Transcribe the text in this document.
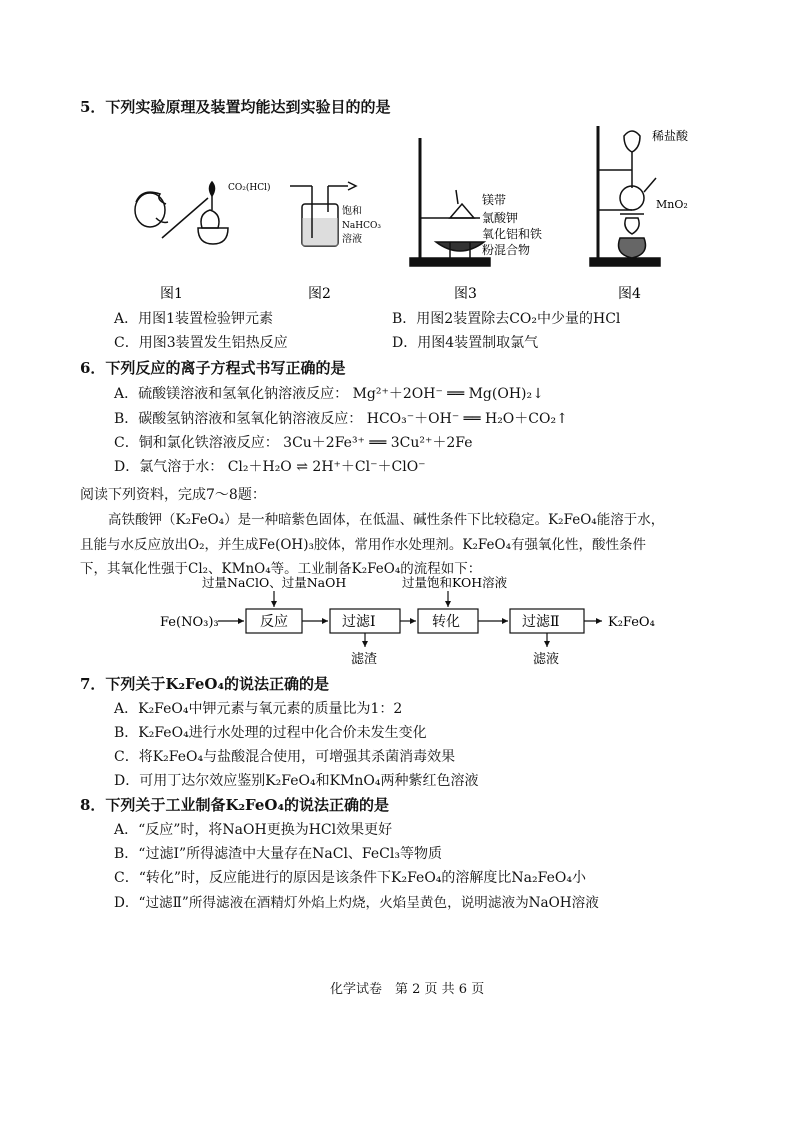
5．下列实验原理及装置均能达到实验目的的是
图1
CO₂(HCl)
饱和
NaHCO₃
溶液
图2
镁带
氯酸钾
氧化铝和铁
粉混合物
图3
稀盐酸
MnO₂
图4
A．用图1装置检验钾元素	B．用图2装置除去CO₂中少量的HCl
C．用图3装置发生铝热反应	D．用图4装置制取氯气
6．下列反应的离子方程式书写正确的是
A．硫酸镁溶液和氢氧化钠溶液反应： Mg²⁺＋2OH⁻ ══ Mg(OH)₂↓
B．碳酸氢钠溶液和氢氧化钠溶液反应： HCO₃⁻＋OH⁻ ══ H₂O＋CO₂↑
C．铜和氯化铁溶液反应： 3Cu＋2Fe³⁺ ══ 3Cu²⁺＋2Fe
D．氯气溶于水： Cl₂＋H₂O ⇌ 2H⁺＋Cl⁻＋ClO⁻
阅读下列资料，完成7～8题：
高铁酸钾（K₂FeO₄）是一种暗紫色固体，在低温、碱性条件下比较稳定。K₂FeO₄能溶于水，
且能与水反应放出O₂，并生成Fe(OH)₃胶体，常用作水处理剂。K₂FeO₄有强氧化性，酸性条件
下，其氧化性强于Cl₂、KMnO₄等。工业制备K₂FeO₄的流程如下：
过量NaClO、过量NaOH	过量饱和KOH溶液
Fe(NO₃)₃	反应	过滤Ⅰ	转化	过滤Ⅱ	K₂FeO₄
滤渣	滤液
7．下列关于K₂FeO₄的说法正确的是
A．K₂FeO₄中钾元素与氧元素的质量比为1：2
B．K₂FeO₄进行水处理的过程中化合价未发生变化
C．将K₂FeO₄与盐酸混合使用，可增强其杀菌消毒效果
D．可用丁达尔效应鉴别K₂FeO₄和KMnO₄两种紫红色溶液
8．下列关于工业制备K₂FeO₄的说法正确的是
A．“反应”时，将NaOH更换为HCl效果更好
B．“过滤Ⅰ”所得滤渣中大量存在NaCl、FeCl₃等物质
C．“转化”时，反应能进行的原因是该条件下K₂FeO₄的溶解度比Na₂FeO₄小
D．“过滤Ⅱ”所得滤液在酒精灯外焰上灼烧，火焰呈黄色，说明滤液为NaOH溶液
化学试卷　第 2 页 共 6 页
